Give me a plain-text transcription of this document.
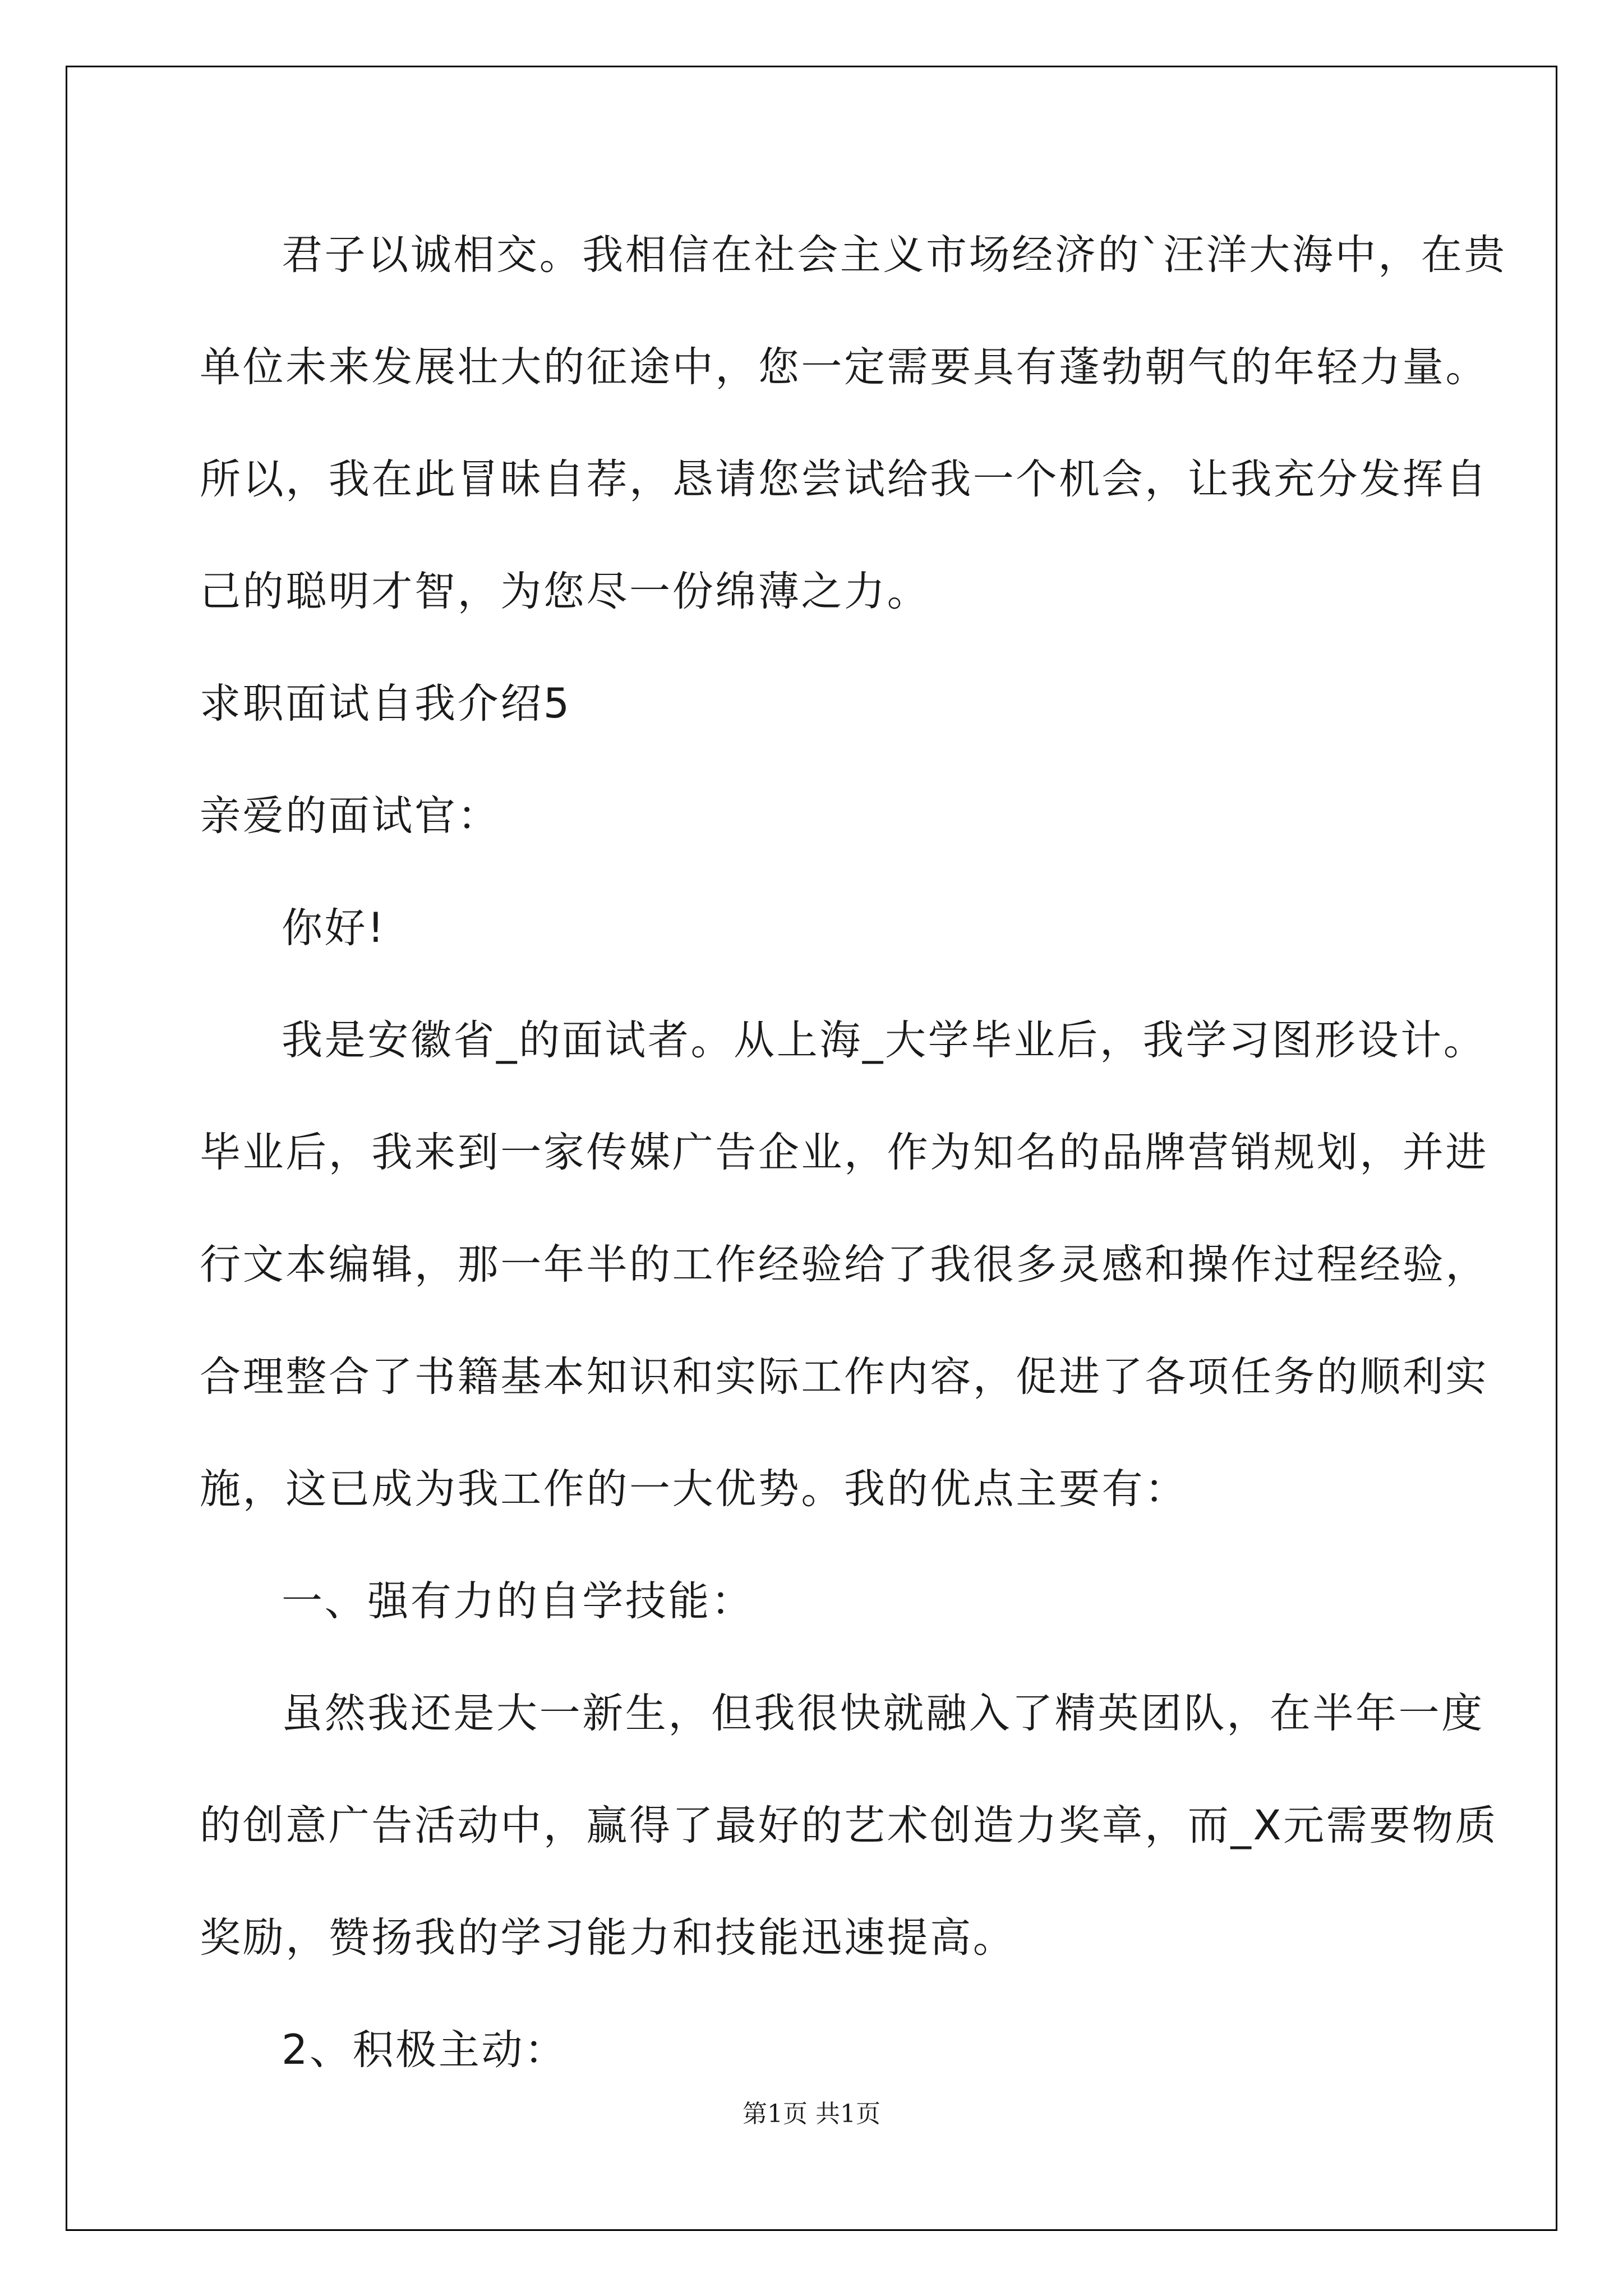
君子以诚相交。我相信在社会主义市场经济的`汪洋大海中，在贵

单位未来发展壮大的征途中，您一定需要具有蓬勃朝气的年轻力量。

所以，我在此冒昧自荐，恳请您尝试给我一个机会，让我充分发挥自

己的聪明才智，为您尽一份绵薄之力。

求职面试自我介绍5

亲爱的面试官：

你好!

我是安徽省_的面试者。从上海_大学毕业后，我学习图形设计。

毕业后，我来到一家传媒广告企业，作为知名的品牌营销规划，并进

行文本编辑，那一年半的工作经验给了我很多灵感和操作过程经验，

合理整合了书籍基本知识和实际工作内容，促进了各项任务的顺利实

施，这已成为我工作的一大优势。我的优点主要有：

一、强有力的自学技能：

虽然我还是大一新生，但我很快就融入了精英团队，在半年一度

的创意广告活动中，赢得了最好的艺术创造力奖章，而_X元需要物质

奖励，赞扬我的学习能力和技能迅速提高。

2、积极主动：

第1页 共1页
